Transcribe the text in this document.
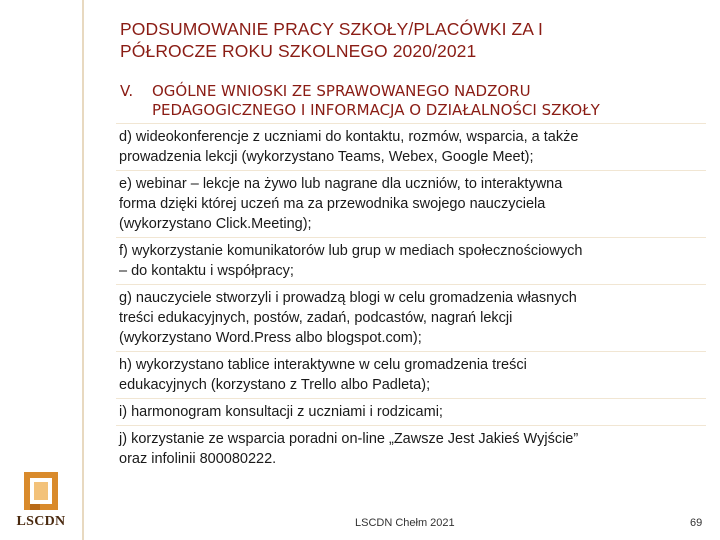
PODSUMOWANIE PRACY SZKOŁY/PLACÓWKI ZA I
PÓŁROCZE ROKU SZKOLNEGO 2020/2021
V.	OGÓLNE WNIOSKI ZE SPRAWOWANEGO NADZORU
PEDAGOGICZNEGO I INFORMACJA O DZIAŁALNOŚCI SZKOŁY
d) wideokonferencje z uczniami do kontaktu, rozmów, wsparcia, a także
prowadzenia lekcji (wykorzystano Teams, Webex, Google Meet);
e) webinar – lekcje na żywo lub nagrane dla uczniów, to interaktywna
forma dzięki której uczeń ma za przewodnika swojego nauczyciela
(wykorzystano Click.Meeting);
f) wykorzystanie komunikatorów lub grup w mediach społecznościowych
– do kontaktu i współpracy;
g) nauczyciele stworzyli i prowadzą blogi w celu gromadzenia własnych
treści edukacyjnych, postów, zadań, podcastów, nagrań lekcji
(wykorzystano Word.Press albo blogspot.com);
h) wykorzystano tablice interaktywne w celu gromadzenia treści
edukacyjnych (korzystano z Trello albo Padleta);
i) harmonogram konsultacji z uczniami i rodzicami;
j) korzystanie ze wsparcia poradni on-line „Zawsze Jest Jakieś Wyjście”
oraz infolinii 800080222.
LSCDN	LSCDN Chełm 2021	69
